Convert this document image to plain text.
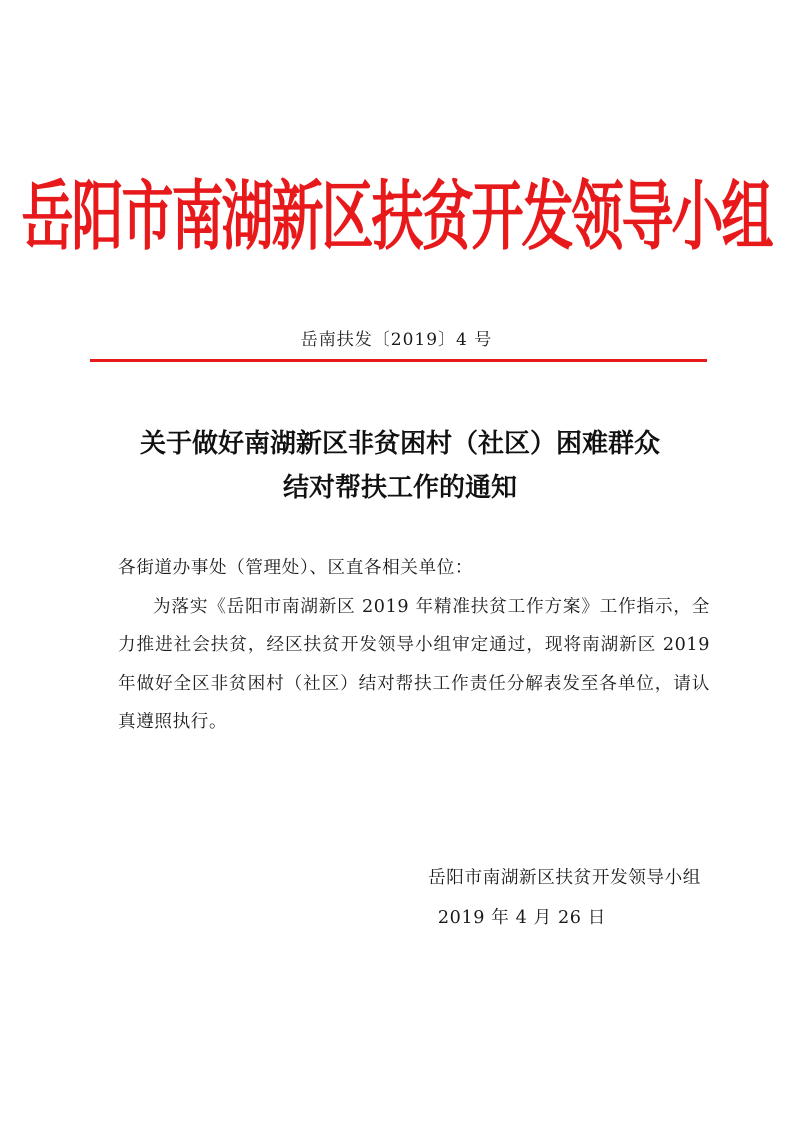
岳阳市南湖新区扶贫开发领导小组
岳南扶发〔2019〕4 号
关于做好南湖新区非贫困村（社区）困难群众
结对帮扶工作的通知

各街道办事处（管理处）、区直各相关单位：

为落实《岳阳市南湖新区 2019 年精准扶贫工作方案》工作指示，全力推进社会扶贫，经区扶贫开发领导小组审定通过，现将南湖新区 2019 年做好全区非贫困村（社区）结对帮扶工作责任分解表发至各单位，请认真遵照执行。

岳阳市南湖新区扶贫开发领导小组
2019 年 4 月 26 日
